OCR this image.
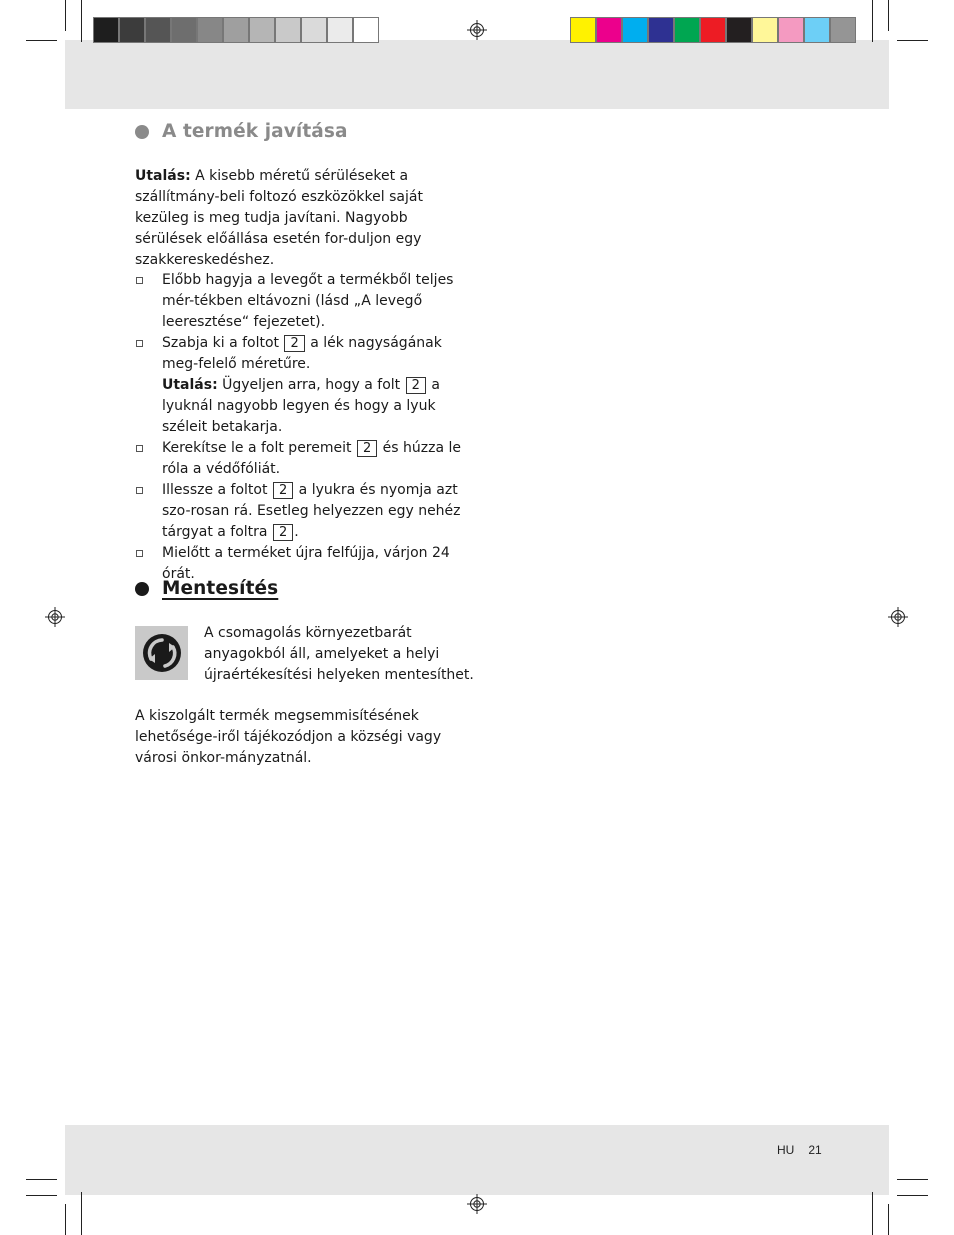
A termék javítása

Utalás: A kisebb méretű sérüléseket a szállítmány-beli foltozó eszközökkel saját kezüleg is meg tudja javítani. Nagyobb sérülések előállása esetén for-duljon egy szakkereskedéshez.

Előbb hagyja a levegőt a termékből teljes mér-tékben eltávozni (lásd „A levegő leeresztése“ fejezetet).
Szabja ki a foltot 2 a lék nagyságának meg-felelő méretűre.
Utalás: Ügyeljen arra, hogy a folt 2 a lyuknál nagyobb legyen és hogy a lyuk széleit betakarja.
Kerekítse le a folt peremeit 2 és húzza le róla a védőfóliát.
Illessze a foltot 2 a lyukra és nyomja azt szo-rosan rá. Esetleg helyezzen egy nehéz tárgyat a foltra 2 .
Mielőtt a terméket újra felfújja, várjon 24 órát.
Mentesítés
A csomagolás környezetbarát anyagokból áll, amelyeket a helyi újraértékesítési helyeken mentesíthet.

A kiszolgált termék megsemmisítésének lehetősége-iről tájékozódjon a községi vagy városi önkor-mányzatnál.

HU 21
